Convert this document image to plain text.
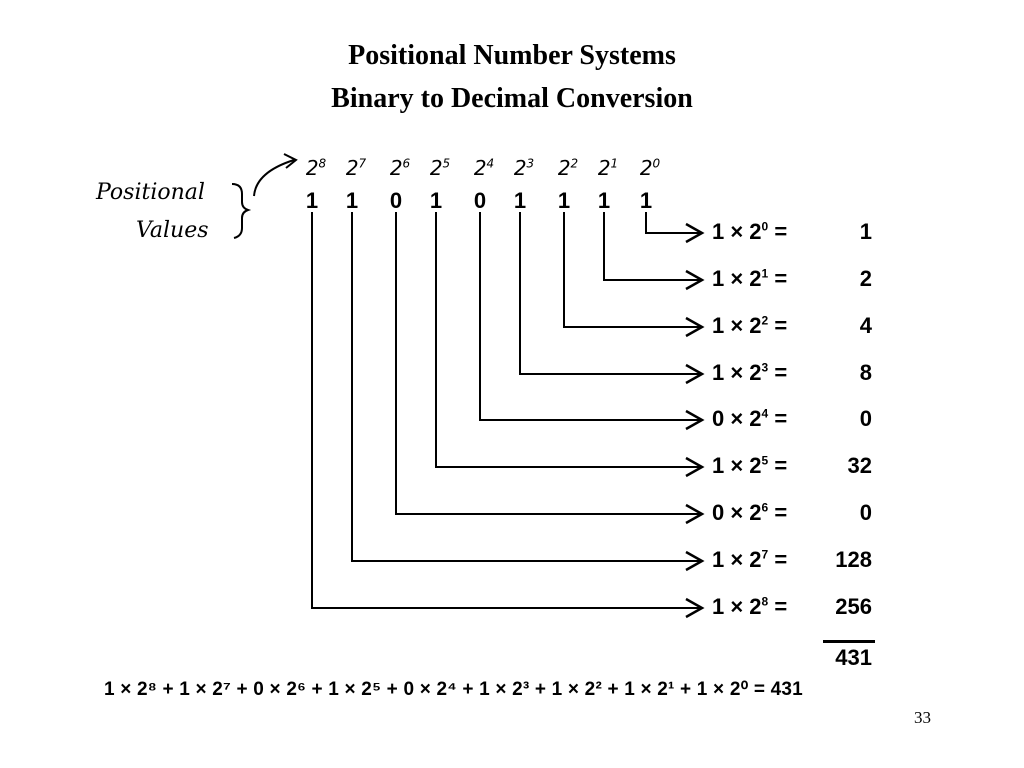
Positional Number Systems
Binary to Decimal Conversion
Positional
Values
$2^8$ $2^7$	$2^6$ $2^5$	$2^4$ $2^3$	$2^2$ $2^1$	$2^0$
1	1	0	1	0	1	1	1	1
$1 \times 2^0$ =	1
$1 \times 2^1$ =	2
$1 \times 2^2$ =	4
$1 \times 2^3$ =	8
$0 \times 2^4$ =	0
$1 \times 2^5$ =	32
$0 \times 2^6$ =	0
$1 \times 2^7$ =	128
$1 \times 2^8$ =	256
431
1 × 2⁸ + 1 × 2⁷ + 0 × 2⁶ + 1 × 2⁵ + 0 × 2⁴ + 1 × 2³ + 1 × 2² + 1 × 2¹ + 1 × 2⁰ = 431
33
